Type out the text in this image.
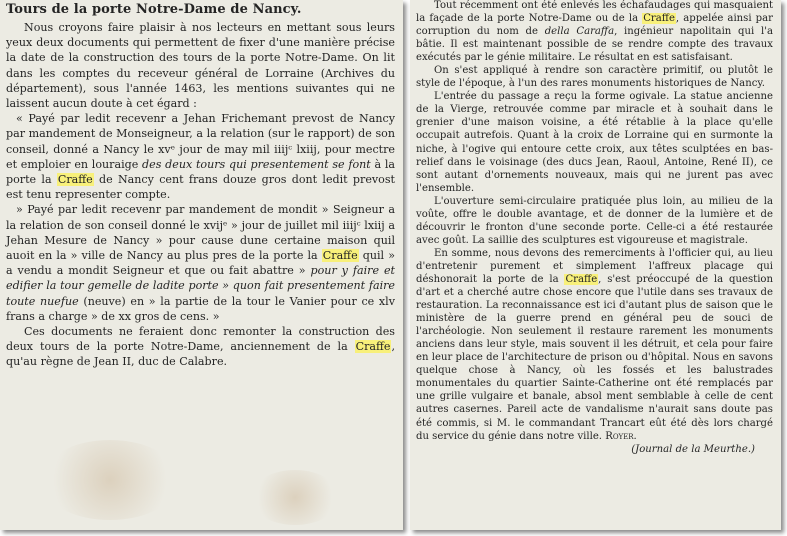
Tours de la porte Notre-Dame de Nancy.

Nous croyons faire plaisir à nos lecteurs en mettant sous leurs yeux deux documents qui permettent de fixer d'une manière précise la date de la construction des tours de la porte Notre-Dame. On lit dans les comptes du receveur général de Lorraine (Archives du département), sous l'année 1463, les mentions suivantes qui ne laissent aucun doute à cet égard :

« Payé par ledit recevenr a Jehan Frichemant prevost de Nancy par mandement de Monseigneur, a la relation (sur le rapport) de son conseil, donné a Nancy le xvᵉ jour de may mil iiijᶜ lxiij, pour mectre et emploier en louraige des deux tours qui presentement se font à la porte la Craffe de Nancy cent frans douze gros dont ledit prevost est tenu representer compte.

» Payé par ledit recevenr par mandement de mondit » Seigneur a la relation de son conseil donné le xvijᵉ » jour de juillet mil iiijᶜ lxiij a Jehan Mesure de Nancy » pour cause dune certaine maison quil auoit en la » ville de Nancy au plus pres de la porte la Craffe quil » a vendu a mondit Seigneur et que ou fait abattre » pour y faire et edifier la tour gemelle de ladite porte » quon fait presentement faire toute nuefue (neuve) en » la partie de la tour le Vanier pour ce xlv frans a charge » de xx gros de cens. »

Ces documents ne feraient donc remonter la construction des deux tours de la porte Notre-Dame, anciennement de la Craffe, qu'au règne de Jean II, duc de Calabre.

Tout récemment ont été enlevés les échafaudages qui masquaient la façade de la porte Notre-Dame ou de la Craffe, appelée ainsi par corruption du nom de della Caraffa, ingénieur napolitain qui l'a bâtie. Il est maintenant possible de se rendre compte des travaux exécutés par le génie militaire. Le résultat en est satisfaisant.

On s'est appliqué à rendre son caractère primitif, ou plutôt le style de l'époque, à l'un des rares monuments historiques de Nancy.

L'entrée du passage a reçu la forme ogivale. La statue ancienne de la Vierge, retrouvée comme par miracle et à souhait dans le grenier d'une maison voisine, a été rétablie à la place qu'elle occupait autrefois. Quant à la croix de Lorraine qui en surmonte la niche, à l'ogive qui entoure cette croix, aux têtes sculptées en bas-relief dans le voisinage (des ducs Jean, Raoul, Antoine, René II), ce sont autant d'ornements nouveaux, mais qui ne jurent pas avec l'ensemble.

L'ouverture semi-circulaire pratiquée plus loin, au milieu de la voûte, offre le double avantage, et de donner de la lumière et de découvrir le fronton d'une seconde porte. Celle-ci a été restaurée avec goût. La saillie des sculptures est vigoureuse et magistrale.

En somme, nous devons des remerciments à l'officier qui, au lieu d'entretenir purement et simplement l'affreux placage qui déshonorait la porte de la Craffe, s'est préoccupé de la question d'art et a cherché autre chose encore que l'utile dans ses travaux de restauration. La reconnaissance est ici d'autant plus de saison que le ministère de la guerre prend en général peu de souci de l'archéologie. Non seulement il restaure rarement les monuments anciens dans leur style, mais souvent il les détruit, et cela pour faire en leur place de l'architecture de prison ou d'hôpital. Nous en savons quelque chose à Nancy, où les fossés et les balustrades monumentales du quartier Sainte-Catherine ont été remplacés par une grille vulgaire et banale, absol ment semblable à celle de cent autres casernes. Pareil acte de vandalisme n'aurait sans doute pas été commis, si M. le commandant Trancart eût été dès lors chargé du service du génie dans notre ville. Royer.

(Journal de la Meurthe.)
